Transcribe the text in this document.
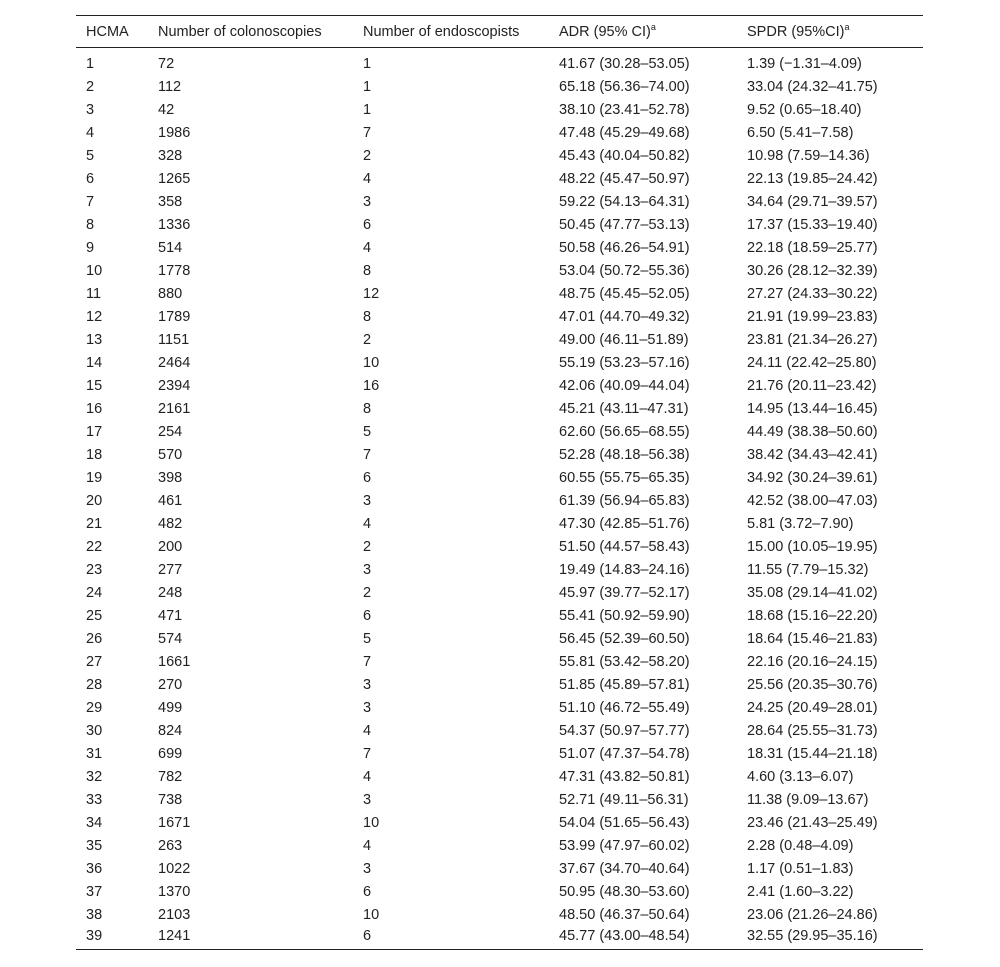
HCMA	Number of colonoscopies	Number of endoscopists	ADR (95% CI)$^a$	SPDR $(95\%CI)^a$
1	72	1	41.67 (30.28–53.05)	1.39 (−1.31–4.09)
2	112	1	65.18 (56.36–74.00)	33.04 (24.32–41.75)
3	42	1	38.10 (23.41–52.78)	9.52 (0.65–18.40)
4	1986	7	47.48 (45.29–49.68)	6.50 (5.41–7.58)
5	328	2	45.43 (40.04–50.82)	10.98 (7.59–14.36)
6	1265	4	48.22 (45.47–50.97)	22.13 (19.85–24.42)
7	358	3	59.22 (54.13–64.31)	34.64 (29.71–39.57)
8	1336	6	50.45 (47.77–53.13)	17.37 (15.33–19.40)
9	514	4	50.58 (46.26–54.91)	22.18 (18.59–25.77)
10	1778	8	53.04 (50.72–55.36)	30.26 (28.12–32.39)
11	880	12	48.75 (45.45–52.05)	27.27 (24.33–30.22)
12	1789	8	47.01 (44.70–49.32)	21.91 (19.99–23.83)
13	1151	2	49.00 (46.11–51.89)	23.81 (21.34–26.27)
14	2464	10	55.19 (53.23–57.16)	24.11 (22.42–25.80)
15	2394	16	42.06 (40.09–44.04)	21.76 (20.11–23.42)
16	2161	8	45.21 (43.11–47.31)	14.95 (13.44–16.45)
17	254	5	62.60 (56.65–68.55)	44.49 (38.38–50.60)
18	570	7	52.28 (48.18–56.38)	38.42 (34.43–42.41)
19	398	6	60.55 (55.75–65.35)	34.92 (30.24–39.61)
20	461	3	61.39 (56.94–65.83)	42.52 (38.00–47.03)
21	482	4	47.30 (42.85–51.76)	5.81 (3.72–7.90)
22	200	2	51.50 (44.57–58.43)	15.00 (10.05–19.95)
23	277	3	19.49 (14.83–24.16)	11.55 (7.79–15.32)
24	248	2	45.97 (39.77–52.17)	35.08 (29.14–41.02)
25	471	6	55.41 (50.92–59.90)	18.68 (15.16–22.20)
26	574	5	56.45 (52.39–60.50)	18.64 (15.46–21.83)
27	1661	7	55.81 (53.42–58.20)	22.16 (20.16–24.15)
28	270	3	51.85 (45.89–57.81)	25.56 (20.35–30.76)
29	499	3	51.10 (46.72–55.49)	24.25 (20.49–28.01)
30	824	4	54.37 (50.97–57.77)	28.64 (25.55–31.73)
31	699	7	51.07 (47.37–54.78)	18.31 (15.44–21.18)
32	782	4	47.31 (43.82–50.81)	4.60 (3.13–6.07)
33	738	3	52.71 (49.11–56.31)	11.38 (9.09–13.67)
34	1671	10	54.04 (51.65–56.43)	23.46 (21.43–25.49)
35	263	4	53.99 (47.97–60.02)	2.28 (0.48–4.09)
36	1022	3	37.67 (34.70–40.64)	1.17 (0.51–1.83)
37	1370	6	50.95 (48.30–53.60)	2.41 (1.60–3.22)
38	2103	10	48.50 (46.37–50.64)	23.06 (21.26–24.86)
39	1241	6	45.77 (43.00–48.54)	32.55 (29.95–35.16)
